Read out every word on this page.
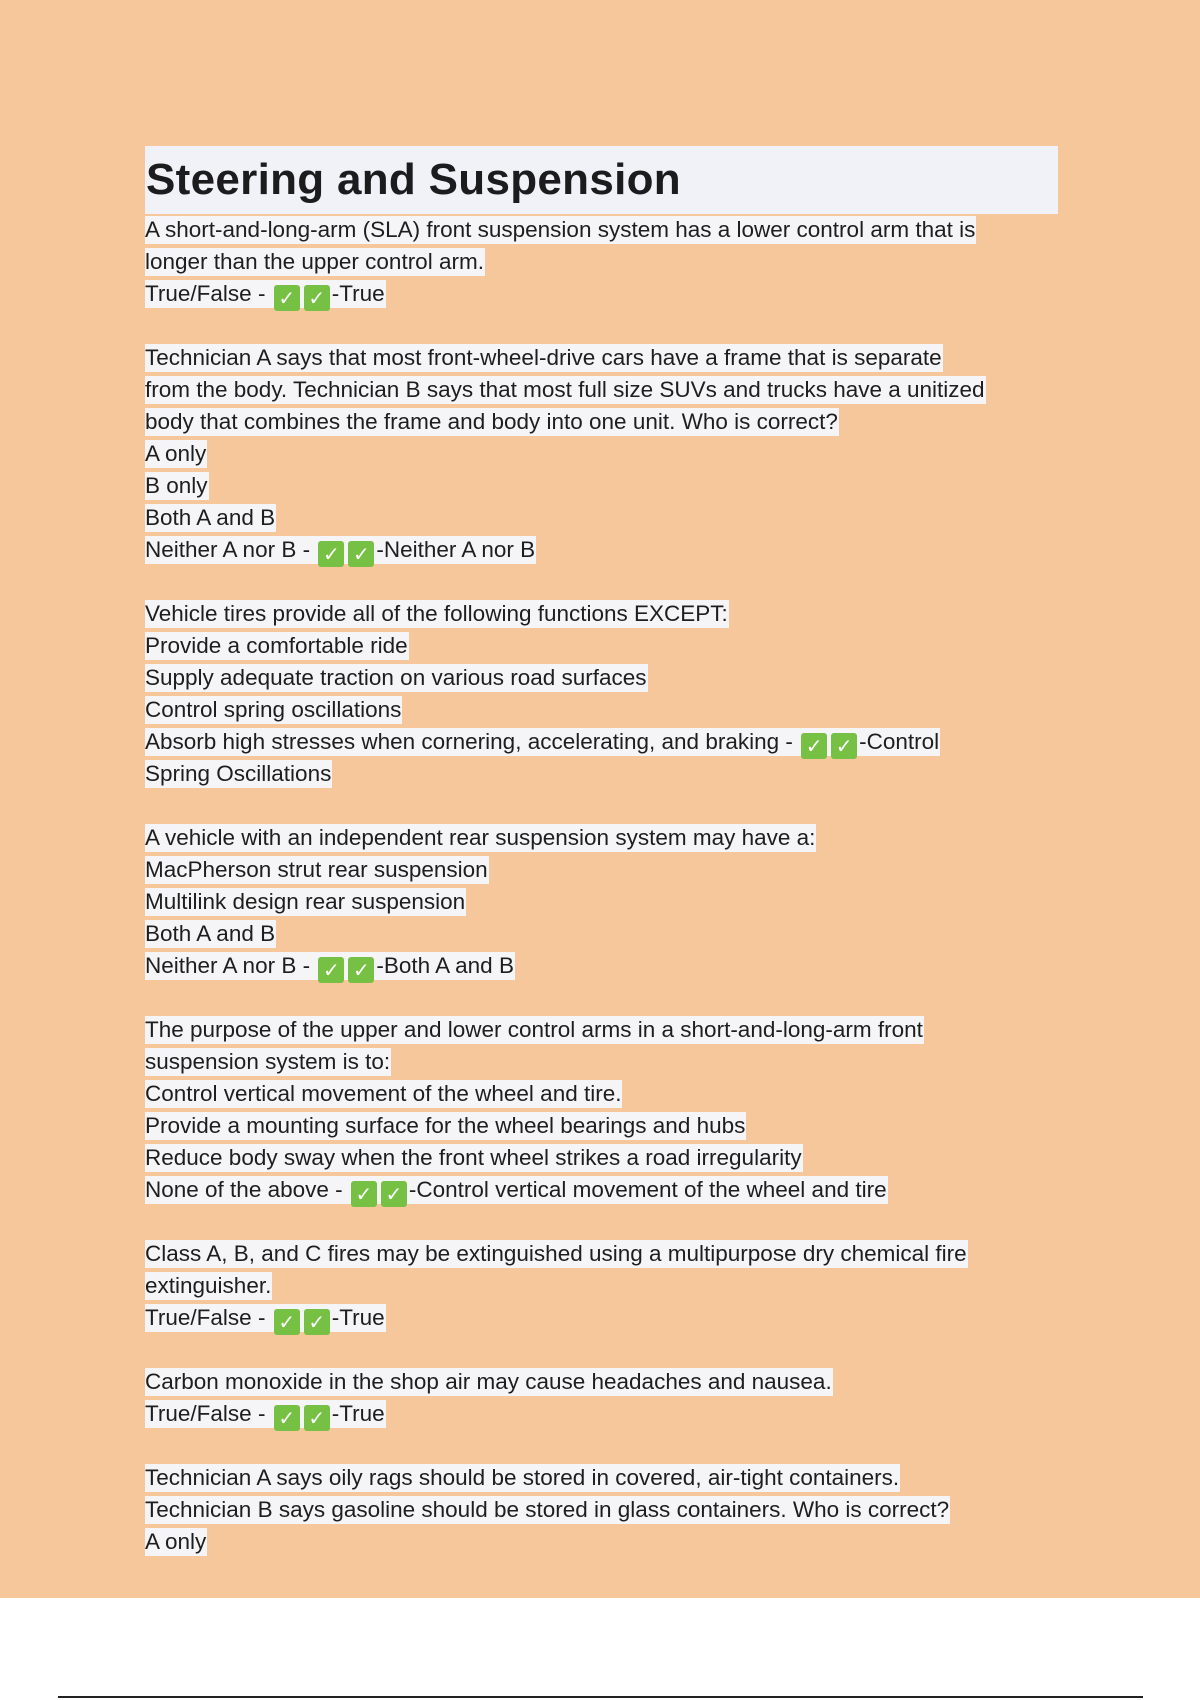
Steering and Suspension
A short-and-long-arm (SLA) front suspension system has a lower control arm that is
longer than the upper control arm.
True/False - ✓ ✓ -True
Technician A says that most front-wheel-drive cars have a frame that is separate
from the body. Technician B says that most full size SUVs and trucks have a unitized
body that combines the frame and body into one unit. Who is correct?
A only
B only
Both A and B
Neither A nor B - ✓ ✓ -Neither A nor B
Vehicle tires provide all of the following functions EXCEPT:
Provide a comfortable ride
Supply adequate traction on various road surfaces
Control spring oscillations
Absorb high stresses when cornering, accelerating, and braking - ✓ ✓ -Control
Spring Oscillations
A vehicle with an independent rear suspension system may have a:
MacPherson strut rear suspension
Multilink design rear suspension
Both A and B
Neither A nor B - ✓ ✓ -Both A and B
The purpose of the upper and lower control arms in a short-and-long-arm front
suspension system is to:
Control vertical movement of the wheel and tire.
Provide a mounting surface for the wheel bearings and hubs
Reduce body sway when the front wheel strikes a road irregularity
None of the above - ✓ ✓ -Control vertical movement of the wheel and tire
Class A, B, and C fires may be extinguished using a multipurpose dry chemical fire
extinguisher.
True/False - ✓ ✓ -True
Carbon monoxide in the shop air may cause headaches and nausea.
True/False - ✓ ✓ -True
Technician A says oily rags should be stored in covered, air-tight containers.
Technician B says gasoline should be stored in glass containers. Who is correct?
A only
